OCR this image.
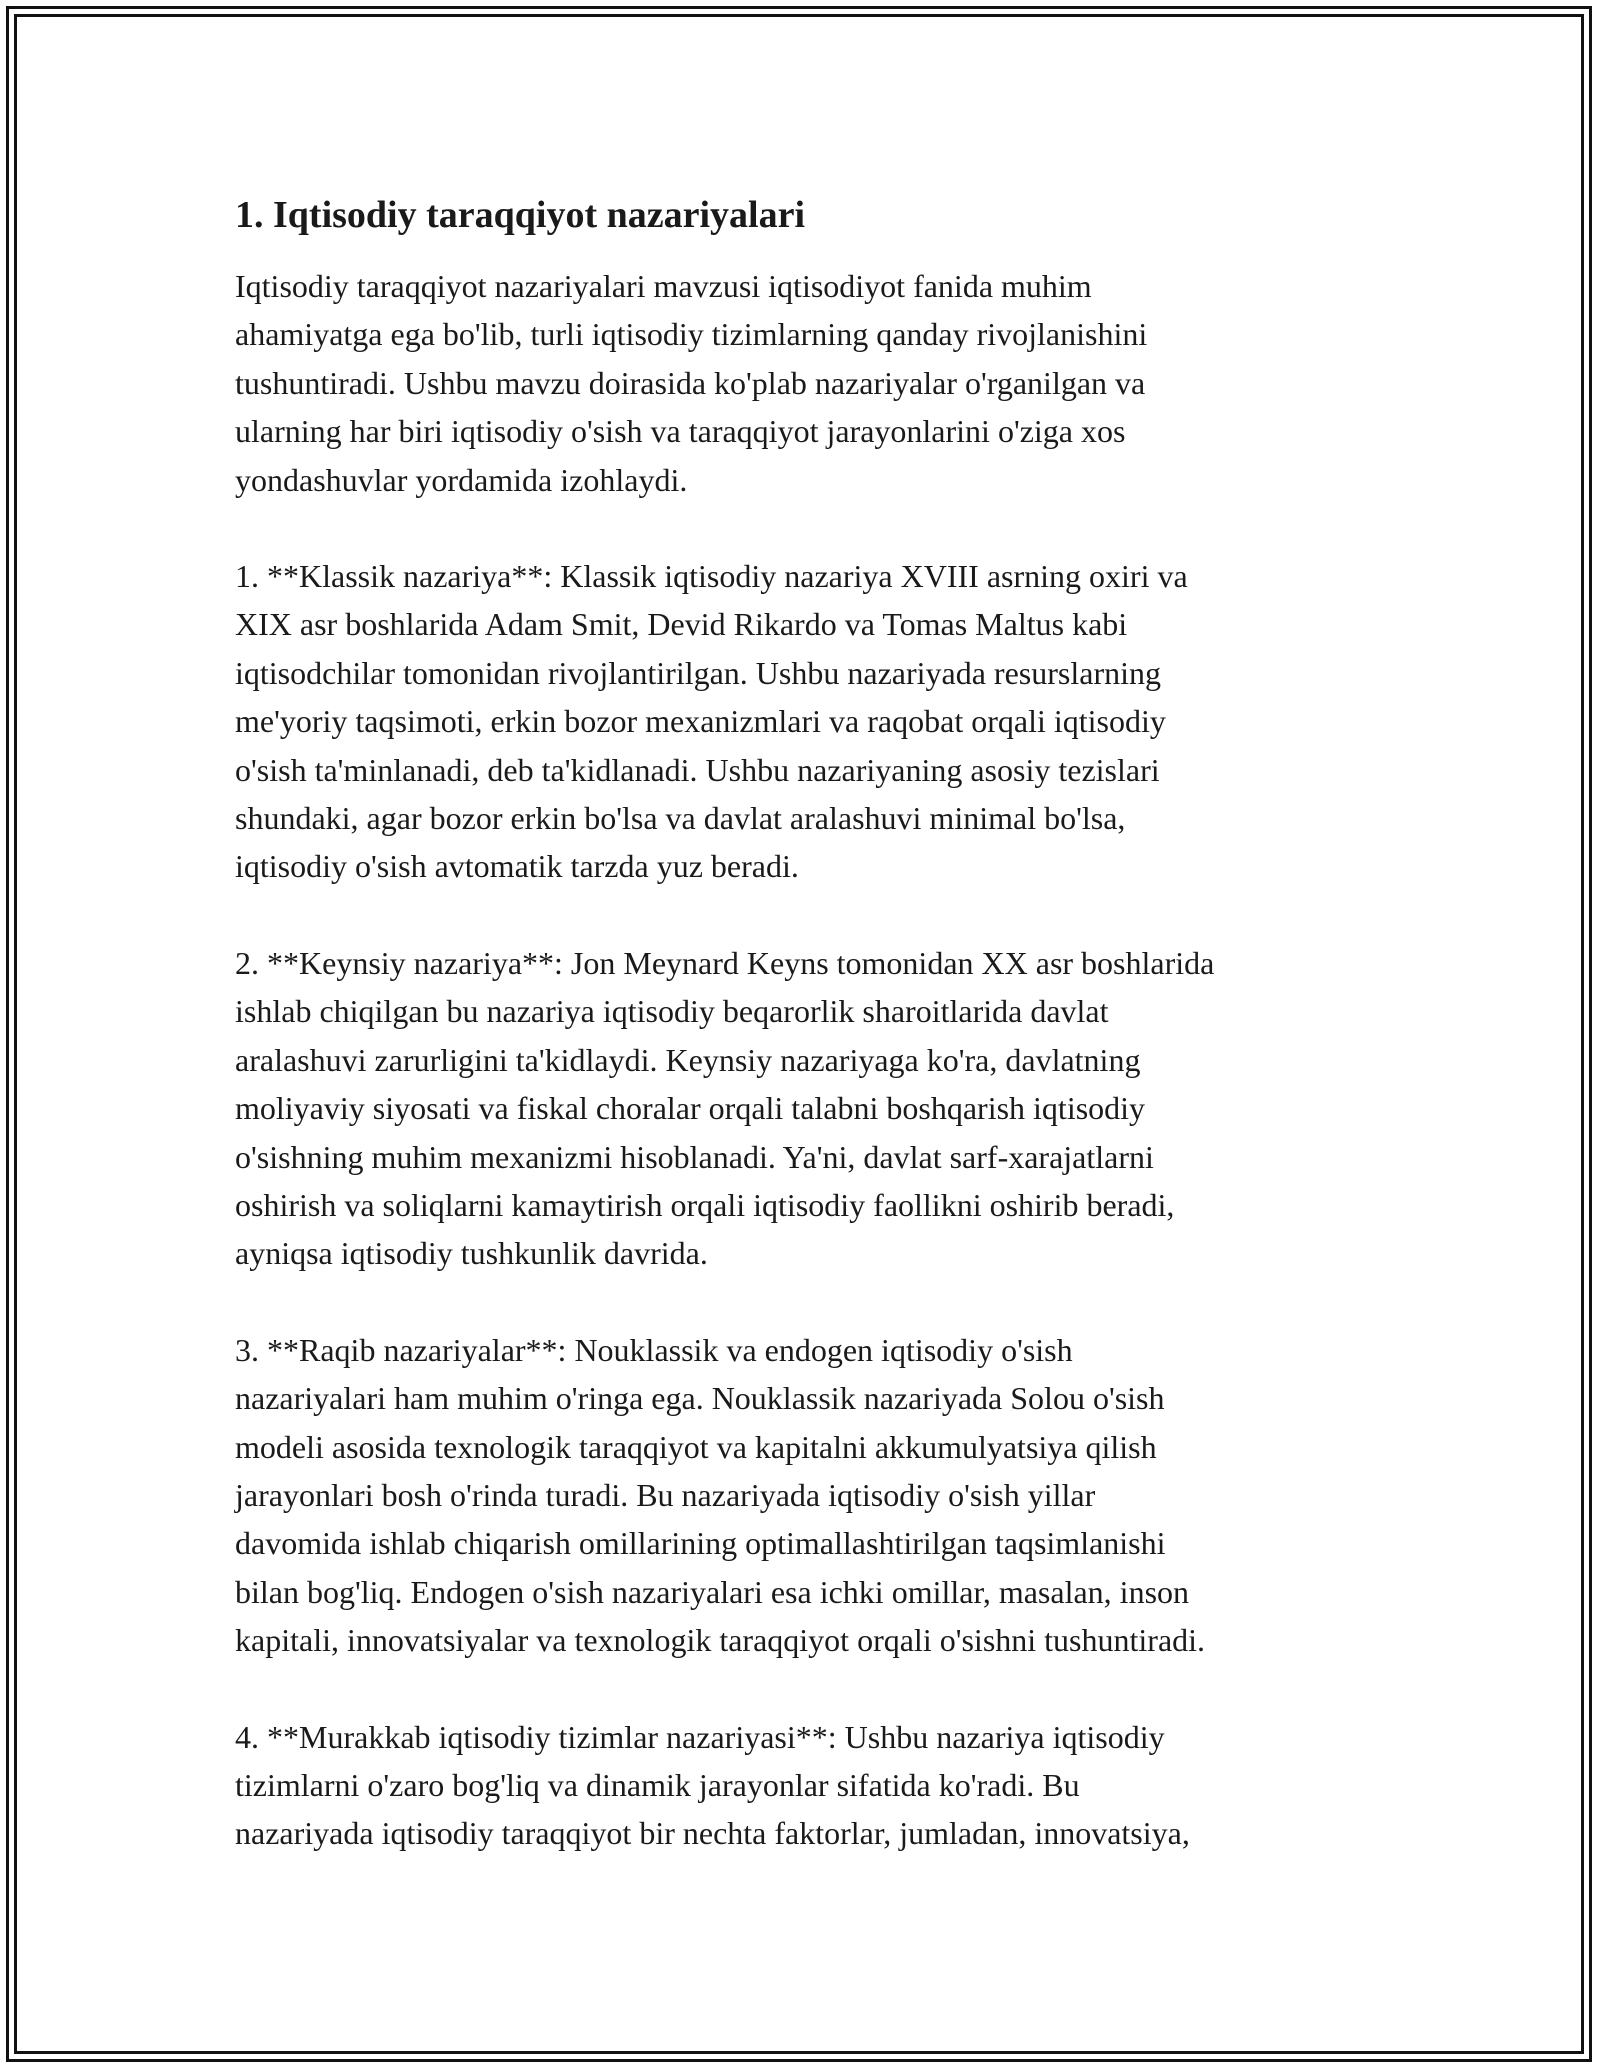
1. Iqtisodiy taraqqiyot nazariyalari
Iqtisodiy taraqqiyot nazariyalari mavzusi iqtisodiyot fanida muhim
ahamiyatga ega bo'lib, turli iqtisodiy tizimlarning qanday rivojlanishini
tushuntiradi. Ushbu mavzu doirasida ko'plab nazariyalar o'rganilgan va
ularning har biri iqtisodiy o'sish va taraqqiyot jarayonlarini o'ziga xos
yondashuvlar yordamida izohlaydi.
1. **Klassik nazariya**: Klassik iqtisodiy nazariya XVIII asrning oxiri va
XIX asr boshlarida Adam Smit, Devid Rikardo va Tomas Maltus kabi
iqtisodchilar tomonidan rivojlantirilgan. Ushbu nazariyada resurslarning
me'yoriy taqsimoti, erkin bozor mexanizmlari va raqobat orqali iqtisodiy
o'sish ta'minlanadi, deb ta'kidlanadi. Ushbu nazariyaning asosiy tezislari
shundaki, agar bozor erkin bo'lsa va davlat aralashuvi minimal bo'lsa,
iqtisodiy o'sish avtomatik tarzda yuz beradi.
2. **Keynsiy nazariya**: Jon Meynard Keyns tomonidan XX asr boshlarida
ishlab chiqilgan bu nazariya iqtisodiy beqarorlik sharoitlarida davlat
aralashuvi zarurligini ta'kidlaydi. Keynsiy nazariyaga ko'ra, davlatning
moliyaviy siyosati va fiskal choralar orqali talabni boshqarish iqtisodiy
o'sishning muhim mexanizmi hisoblanadi. Ya'ni, davlat sarf-xarajatlarni
oshirish va soliqlarni kamaytirish orqali iqtisodiy faollikni oshirib beradi,
ayniqsa iqtisodiy tushkunlik davrida.
3. **Raqib nazariyalar**: Nouklassik va endogen iqtisodiy o'sish
nazariyalari ham muhim o'ringa ega. Nouklassik nazariyada Solou o'sish
modeli asosida texnologik taraqqiyot va kapitalni akkumulyatsiya qilish
jarayonlari bosh o'rinda turadi. Bu nazariyada iqtisodiy o'sish yillar
davomida ishlab chiqarish omillarining optimallashtirilgan taqsimlanishi
bilan bog'liq. Endogen o'sish nazariyalari esa ichki omillar, masalan, inson
kapitali, innovatsiyalar va texnologik taraqqiyot orqali o'sishni tushuntiradi.
4. **Murakkab iqtisodiy tizimlar nazariyasi**: Ushbu nazariya iqtisodiy
tizimlarni o'zaro bog'liq va dinamik jarayonlar sifatida ko'radi. Bu
nazariyada iqtisodiy taraqqiyot bir nechta faktorlar, jumladan, innovatsiya,
